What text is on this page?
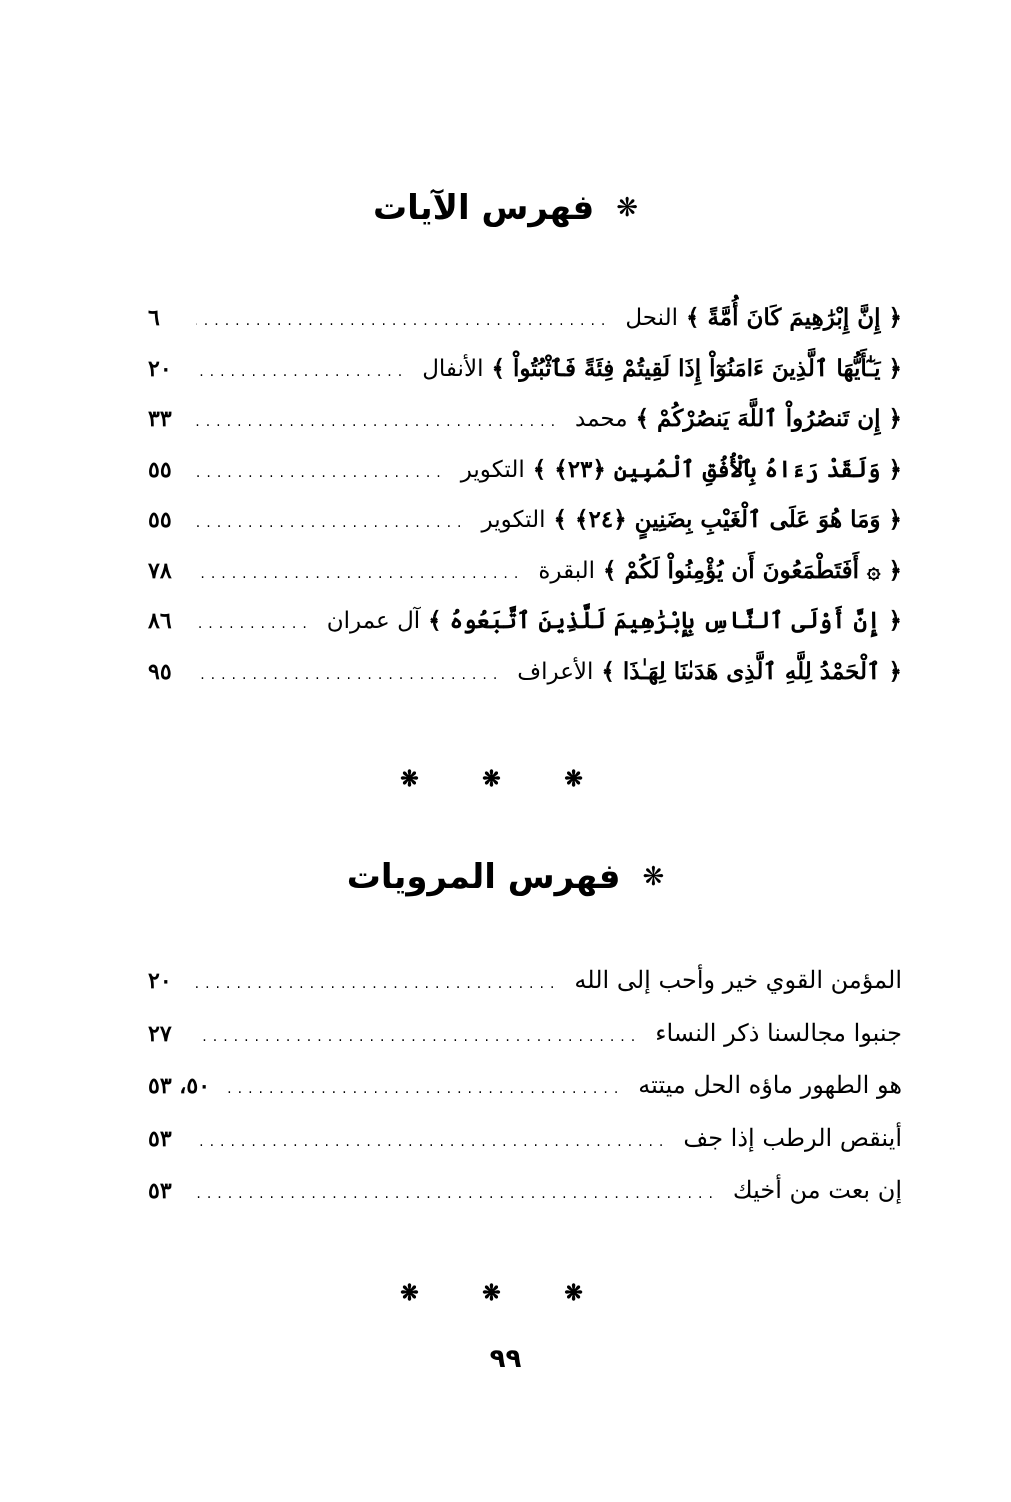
❋
فهرس الآيات
﴿ إِنَّ إِبْرَٰهِيمَ كَانَ أُمَّةً ﴾النحل
.....
٦
﴿ يَـٰٓأَيُّهَا ٱلَّذِينَ ءَامَنُوٓاْ إِذَا لَقِيتُمْ فِئَةً فَٱثْبُتُواْ ﴾الأنفال
.....
٢٠
﴿ إِن تَنصُرُواْ ٱللَّهَ يَنصُرْكُمْ ﴾محمد
.....
٣٣
﴿ وَلَقَدْ رَءَاهُ بِٱلْأُفُقِ ٱلْمُبِينِ ﴿٢٣﴾ ﴾التكوير
.....
٥٥
﴿ وَمَا هُوَ عَلَى ٱلْغَيْبِ بِضَنِينٍ ﴿٢٤﴾ ﴾التكوير
.....
٥٥
﴿ ۞ أَفَتَطْمَعُونَ أَن يُؤْمِنُواْ لَكُمْ ﴾البقرة
.....
٧٨
﴿ إِنَّ أَوْلَى ٱلنَّاسِ بِإِبْرَٰهِيمَ لَلَّذِينَ ٱتَّبَعُوهُ ﴾آل عمران
.....
٨٦
﴿ ٱلْحَمْدُ لِلَّهِ ٱلَّذِى هَدَىٰنَا لِهَـٰذَا ﴾الأعراف
.....
٩٥
❋ ❋ ❋
❋
فهرس المرويات
المؤمن القوي خير وأحب إلى الله
.....
٢٠
جنبوا مجالسنا ذكر النساء
.....
٢٧
هو الطهور ماؤه الحل ميتته
.....
٥٠، ٥٣
أينقص الرطب إذا جف
.....
٥٣
إن بعت من أخيك
.....
٥٣
❋ ❋ ❋
٩٩
